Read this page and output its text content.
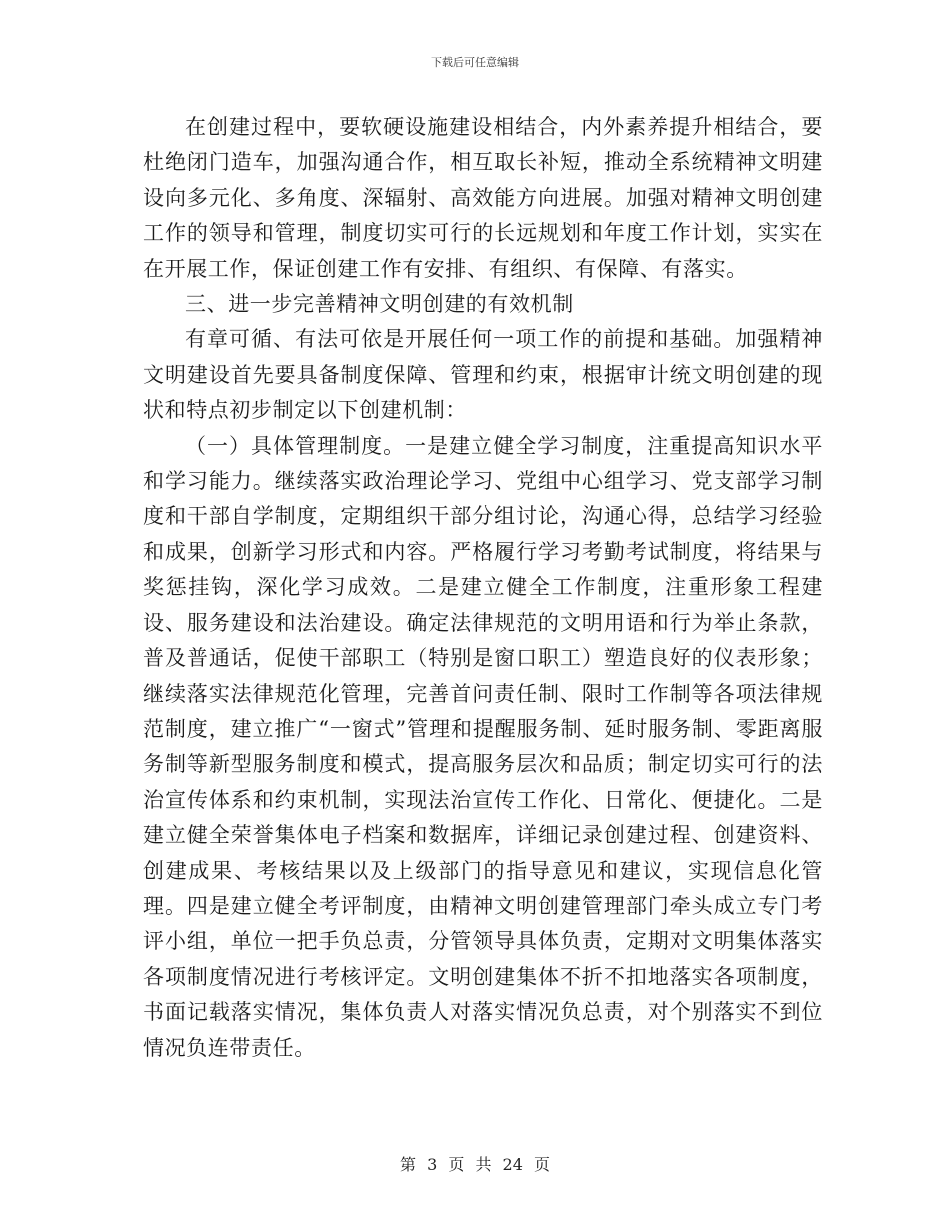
下载后可任意编辑

在创建过程中，要软硬设施建设相结合，内外素养提升相结合，要杜绝闭门造车，加强沟通合作，相互取长补短，推动全系统精神文明建设向多元化、多角度、深辐射、高效能方向进展。加强对精神文明创建工作的领导和管理，制度切实可行的长远规划和年度工作计划，实实在在开展工作，保证创建工作有安排、有组织、有保障、有落实。

三、进一步完善精神文明创建的有效机制

有章可循、有法可依是开展任何一项工作的前提和基础。加强精神文明建设首先要具备制度保障、管理和约束，根据审计统文明创建的现状和特点初步制定以下创建机制：

（一）具体管理制度。一是建立健全学习制度，注重提高知识水平和学习能力。继续落实政治理论学习、党组中心组学习、党支部学习制度和干部自学制度，定期组织干部分组讨论，沟通心得，总结学习经验和成果，创新学习形式和内容。严格履行学习考勤考试制度，将结果与奖惩挂钩，深化学习成效。二是建立健全工作制度，注重形象工程建设、服务建设和法治建设。确定法律规范的文明用语和行为举止条款，普及普通话，促使干部职工（特别是窗口职工）塑造良好的仪表形象；继续落实法律规范化管理，完善首问责任制、限时工作制等各项法律规范制度，建立推广“一窗式”管理和提醒服务制、延时服务制、零距离服务制等新型服务制度和模式，提高服务层次和品质；制定切实可行的法治宣传体系和约束机制，实现法治宣传工作化、日常化、便捷化。二是建立健全荣誉集体电子档案和数据库，详细记录创建过程、创建资料、创建成果、考核结果以及上级部门的指导意见和建议，实现信息化管理。四是建立健全考评制度，由精神文明创建管理部门牵头成立专门考评小组，单位一把手负总责，分管领导具体负责，定期对文明集体落实各项制度情况进行考核评定。文明创建集体不折不扣地落实各项制度，书面记载落实情况，集体负责人对落实情况负总责，对个别落实不到位情况负连带责任。

第 3 页 共 24 页
